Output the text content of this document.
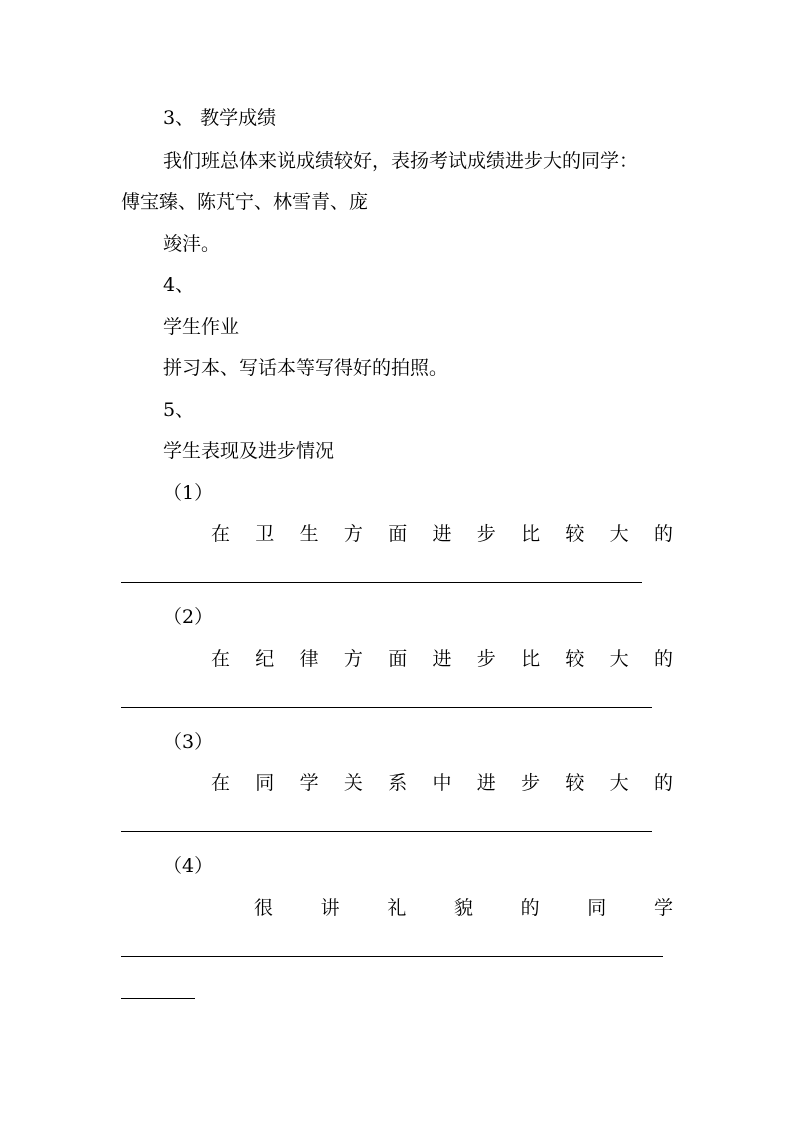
3、 教学成绩
我们班总体来说成绩较好，表扬考试成绩进步大的同学：
傅宝臻、陈芃宁、林雪青、庞
竣沣。
4、
学生作业
拼习本、写话本等写得好的拍照。
5、
学生表现及进步情况
（1）
在 卫 生 方 面 进 步 比 较 大 的
（2）
在 纪 律 方 面 进 步 比 较 大 的
（3）
在 同 学 关 系 中 进 步 较 大 的
（4）
很	讲	礼	貌	的	同	学
